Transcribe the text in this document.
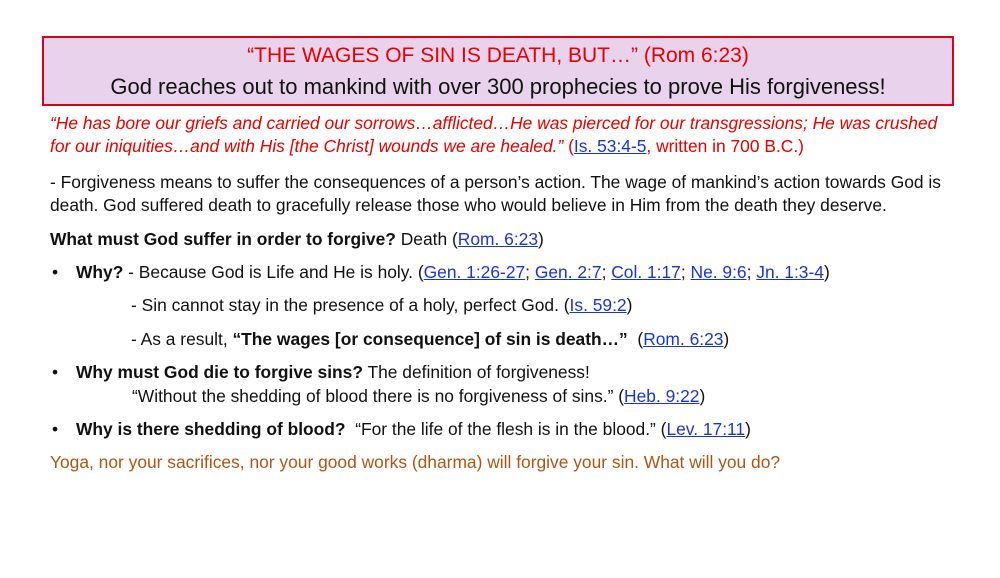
“THE WAGES OF SIN IS DEATH, BUT…” (Rom 6:23)
God reaches out to mankind with over 300 prophecies to prove His forgiveness!

“He has bore our griefs and carried our sorrows…afflicted…He was pierced for our transgressions; He was crushed for our iniquities…and with His [the Christ] wounds we are healed.” (Is. 53:4-5, written in 700 B.C.)

- Forgiveness means to suffer the consequences of a person’s action. The wage of mankind’s action towards God is death. God suffered death to gracefully release those who would believe in Him from the death they deserve.

What must God suffer in order to forgive? Death (Rom. 6:23)

• Why? - Because God is Life and He is holy. (Gen. 1:26-27; Gen. 2:7; Col. 1:17; Ne. 9:6; Jn. 1:3-4)
- Sin cannot stay in the presence of a holy, perfect God. (Is. 59:2)
- As a result, “The wages [or consequence] of sin is death…”  (Rom. 6:23)
• Why must God die to forgive sins? The definition of forgiveness!
“Without the shedding of blood there is no forgiveness of sins.” (Heb. 9:22)
• Why is there shedding of blood?  “For the life of the flesh is in the blood.” (Lev. 17:11)

Yoga, nor your sacrifices, nor your good works (dharma) will forgive your sin. What will you do?
